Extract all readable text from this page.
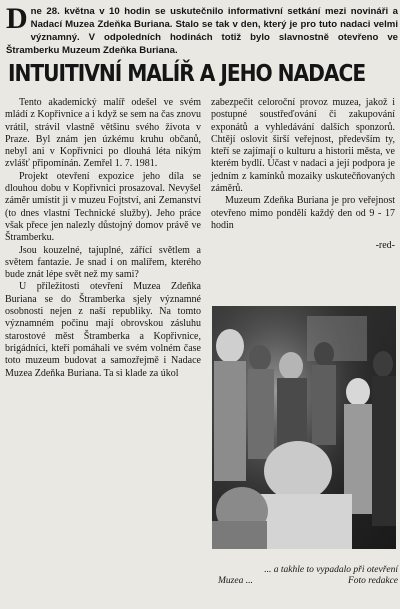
D ne 28. května v 10 hodin se uskutečnilo informativní setkání mezi novináři a Nadací Muzea Zdeňka Buriana. Stalo se tak v den, který je pro tuto nadaci velmi významný. V odpoledních hodinách totiž bylo slavnostně otevřeno ve Štramberku Muzeum Zdeňka Buriana.
INTUITIVNÍ MALÍŘ A JEHO NADACE

Tento akademický malíř odešel ve svém mládí z Kopřivnice a i když se sem na čas znovu vrátil, strávil vlastně většinu svého života v Praze. Byl znám jen úzkému kruhu občanů, nebyl ani v Kopřivnici po dlouhá léta nikým zvlášť připomínán. Zemřel 1. 7. 1981.

Projekt otevření expozice jeho díla se dlouhou dobu v Kopřivnici prosazoval. Nevyšel záměr umístit ji v muzeu Fojtství, ani Zemanství (to dnes vlastní Technické služby). Jeho práce však přece jen nalezly důstojný domov právě ve Štramberku.

Jsou kouzelné, tajuplné, zářící světlem a světem fantazie. Je snad i on malířem, kterého bude znát lépe svět než my sami?

U příležitosti otevření Muzea Zdeňka Buriana se do Štramberka sjely významné osobnosti nejen z naší republiky. Na tomto významném počinu mají obrovskou zásluhu starostové měst Štramberka a Kopřivnice, brigádníci, kteří pomáhali ve svém volném čase toto muzeum budovat a samozřejmě i Nadace Muzea Zdeňka Buriana. Ta si klade za úkol

zabezpečit celoroční provoz muzea, jakož i postupné soustřeďování či zakupování exponátů a vyhledávání dalších sponzorů. Chtějí oslovit širší veřejnost, především ty, kteří se zajímají o kulturu a historii města, ve kterém bydlí. Účast v nadaci a její podpora je jedním z kamínků mozaiky uskutečňovaných záměrů.

Muzeum Zdeňka Buriana je pro veřejnost otevřeno mimo pondělí každý den od 9 - 17 hodin

-red-

... a takhle to vypadalo při otevření
Muzea ...	Foto redakce
